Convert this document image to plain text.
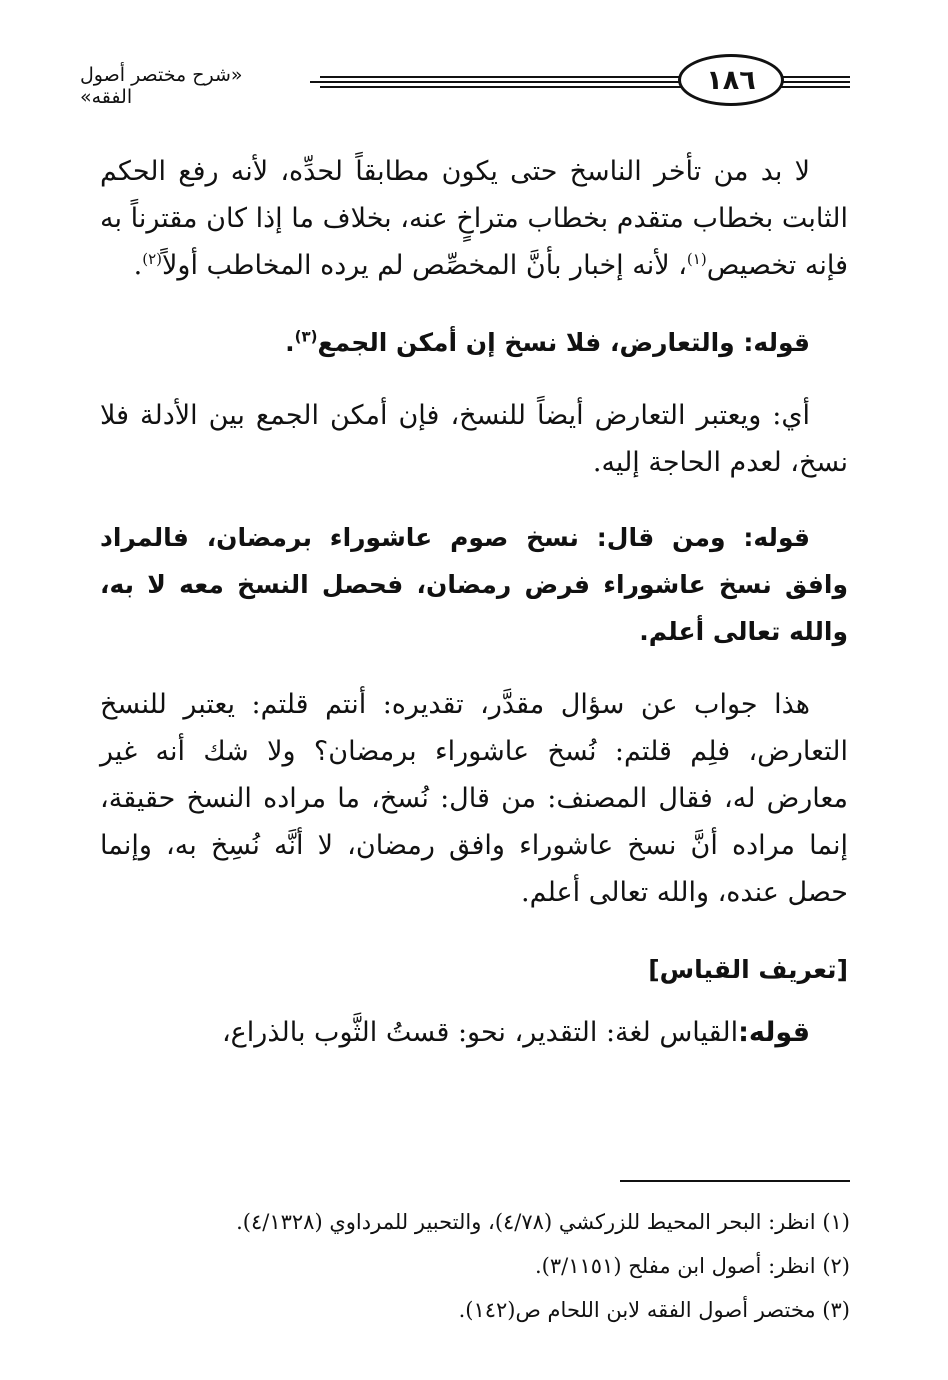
١٨٦
«شرح مختصر أصول الفقه»

لا بد من تأخر الناسخ حتى يكون مطابقاً لحدِّه، لأنه رفع الحكم الثابت بخطاب متقدم بخطاب متراخٍ عنه، بخلاف ما إذا كان مقترناً به فإنه تخصيص$^{(١)}$، لأنه إخبار بأنَّ المخصِّص لم يرده المخاطب أولاً$^{(٢)}$.

قوله: والتعارض، فلا نسخ إن أمكن الجمع$^{(٣)}$.

أي: ويعتبر التعارض أيضاً للنسخ، فإن أمكن الجمع بين الأدلة فلا نسخ، لعدم الحاجة إليه.

قوله: ومن قال: نسخ صوم عاشوراء برمضان، فالمراد وافق نسخ عاشوراء فرض رمضان، فحصل النسخ معه لا به، والله تعالى أعلم.

هذا جواب عن سؤال مقدَّر، تقديره: أنتم قلتم: يعتبر للنسخ التعارض، فلِم قلتم: نُسخ عاشوراء برمضان؟ ولا شك أنه غير معارض له، فقال المصنف: من قال: نُسخ، ما مراده النسخ حقيقة، إنما مراده أنَّ نسخ عاشوراء وافق رمضان، لا أنَّه نُسِخ به، وإنما حصل عنده، والله تعالى أعلم.

[تعريف القياس]

قوله:القياس لغة: التقدير، نحو: قستُ الثَّوب بالذراع،

(١) انظر: البحر المحيط للزركشي (٤/٧٨)، والتحبير للمرداوي (٤/١٣٢٨).
(٢) انظر: أصول ابن مفلح (٣/١١٥١).
(٣) مختصر أصول الفقه لابن اللحام ص(١٤٢).
